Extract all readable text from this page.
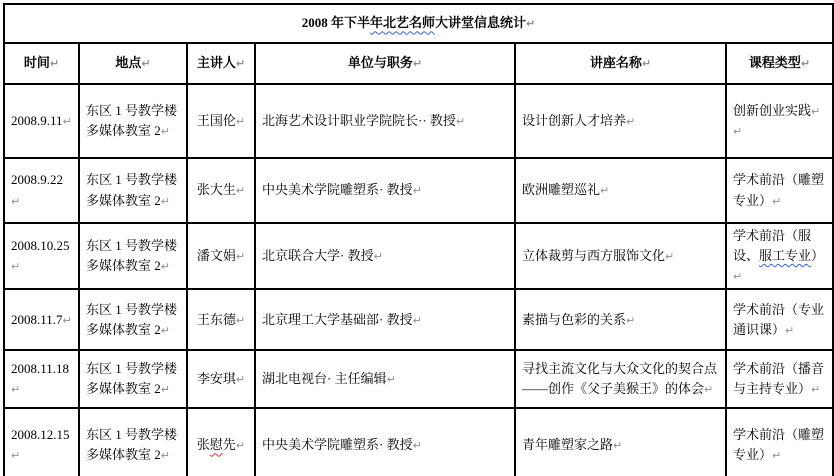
2008 年下半年北艺名师大讲堂信息统计↵					
时间↵	地点↵	主讲人↵	单位与职务↵	讲座名称↵	课程类型↵
2008.9.11↵	东区 1 号教学楼多媒体教室 2↵	王国伦↵	北海艺术设计职业学院院长·· 教授↵	设计创新人才培养↵	创新创业实践↵
↵
2008.9.22↵	东区 1 号教学楼多媒体教室 2↵	张大生↵	中央美术学院雕塑系· 教授↵	欧洲雕塑巡礼↵	学术前沿（雕塑专业）↵
2008.10.25↵	东区 1 号教学楼多媒体教室 2↵	潘文娟↵	北京联合大学· 教授↵	立体裁剪与西方服饰文化↵	学术前沿（服设、服工专业）↵
2008.11.7↵	东区 1 号教学楼多媒体教室 2↵	王东德↵	北京理工大学基础部· 教授↵	素描与色彩的关系↵	学术前沿（专业通识课）↵
2008.11.18↵	东区 1 号教学楼多媒体教室 2↵	李安琪↵	湖北电视台· 主任编辑↵	寻找主流文化与大众文化的契合点——创作《父子美猴王》的体会↵	学术前沿（播音与主持专业）↵
2008.12.15↵	东区 1 号教学楼多媒体教室 2↵	张慰先↵	中央美术学院雕塑系· 教授↵	青年雕塑家之路↵	学术前沿（雕塑专业）↵
